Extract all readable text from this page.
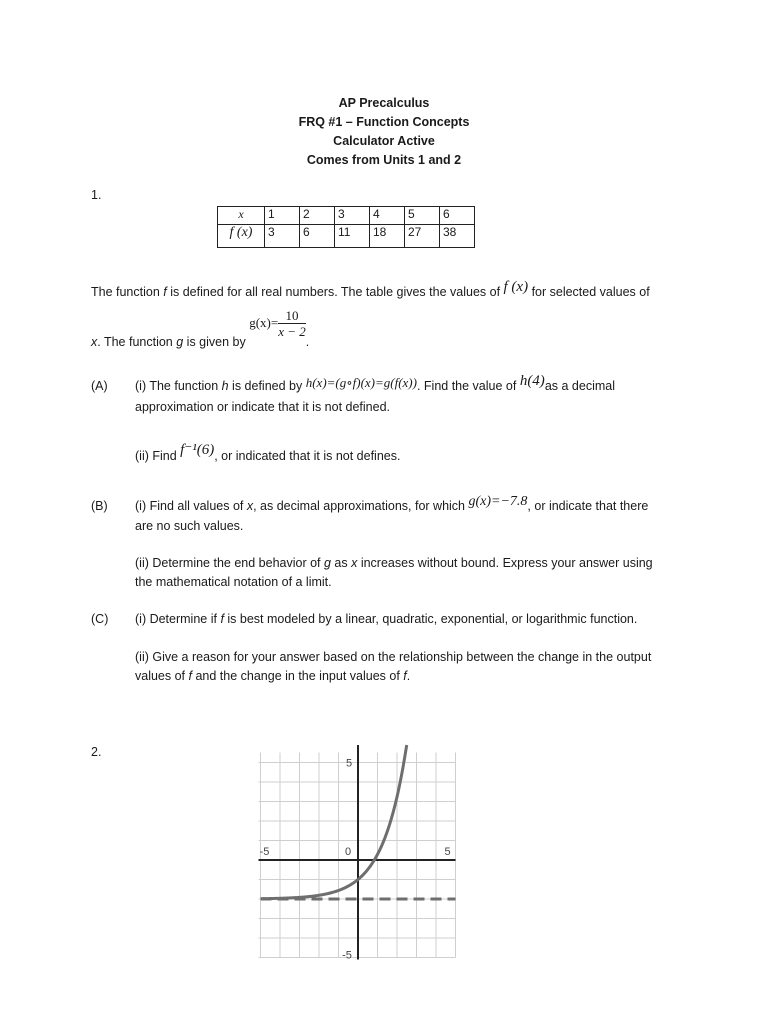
AP Precalculus
FRQ #1 – Function Concepts
Calculator Active
Comes from Units 1 and 2
1.
x	1	2	3	4	5	6
f (x)	3	6	11	18	27	38
The function f is defined for all real numbers. The table gives the values of f (x) for selected values of
x. The function g is given by $g(x)= \frac{10}{x - 2}$
.
(A) (i) The function h is defined by h(x)=(g∘f)(x)=g(f(x)). Find the value of h(4)as a decimal
approximation or indicate that it is not defined.
(ii) Find f⁻¹(6), or indicated that it is not defines.
(B) (i) Find all values of x, as decimal approximations, for which g(x)=−7.8, or indicate that there
are no such values.
(ii) Determine the end behavior of g as x increases without bound. Express your answer using
the mathematical notation of a limit.
(C) (i) Determine if f is best modeled by a linear, quadratic, exponential, or logarithmic function.
(ii) Give a reason for your answer based on the relationship between the change in the output
values of f and the change in the input values of f.
2.
-5	0	5
5
-5
